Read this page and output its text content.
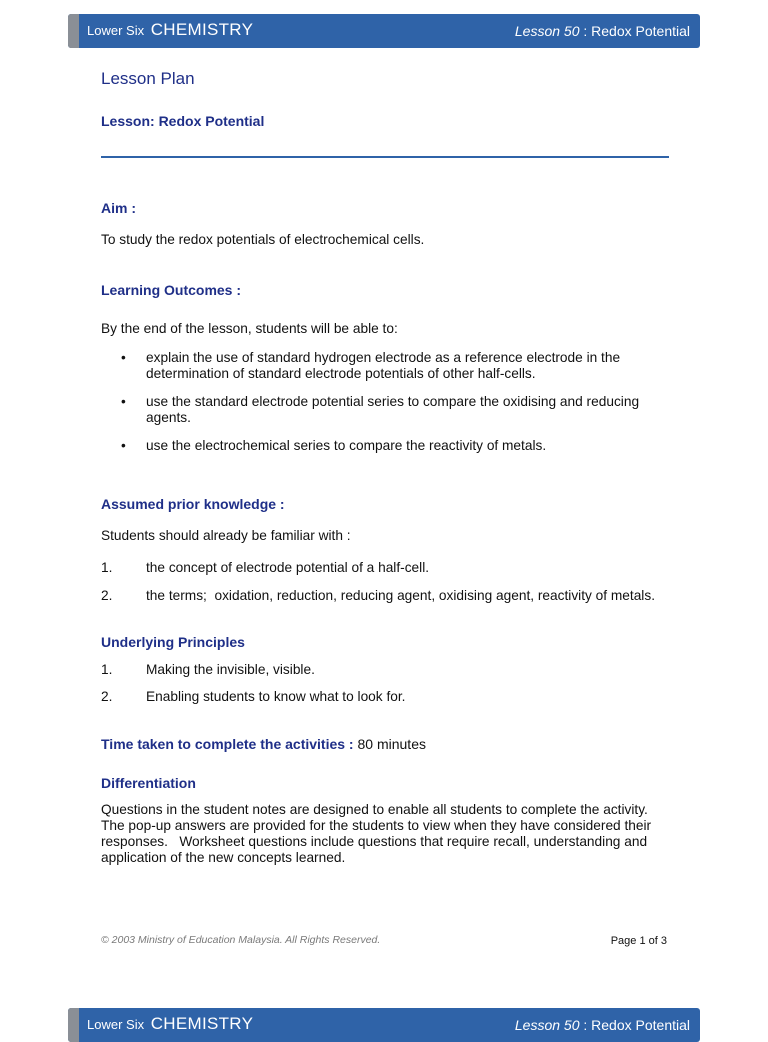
Lower Six CHEMISTRY	Lesson 50 : Redox Potential
Lesson Plan
Lesson: Redox Potential
Aim :
To study the redox potentials of electrochemical cells.
Learning Outcomes :
By the end of the lesson, students will be able to:
• explain the use of standard hydrogen electrode as a reference electrode in the determination of standard electrode potentials of other half-cells.
• use the standard electrode potential series to compare the oxidising and reducing agents.
• use the electrochemical series to compare the reactivity of metals.
Assumed prior knowledge :
Students should already be familiar with :
1. the concept of electrode potential of a half-cell.
2. the terms;  oxidation, reduction, reducing agent, oxidising agent, reactivity of metals.
Underlying Principles
1. Making the invisible, visible.
2. Enabling students to know what to look for.
Time taken to complete the activities : 80 minutes
Differentiation
Questions in the student notes are designed to enable all students to complete the activity. The pop-up answers are provided for the students to view when they have considered their responses.   Worksheet questions include questions that require recall, understanding and application of the new concepts learned.
© 2003 Ministry of Education Malaysia. All Rights Reserved.	Page 1 of 3
Lower Six CHEMISTRY	Lesson 50 : Redox Potential
